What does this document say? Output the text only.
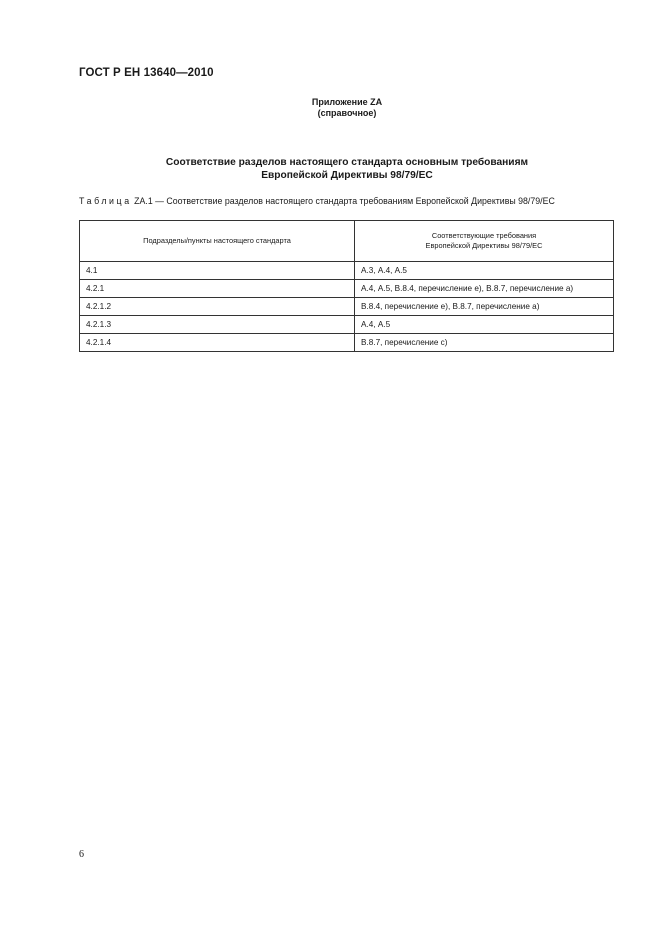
ГОСТ Р ЕН 13640—2010
Приложение ZA
(справочное)
Соответствие разделов настоящего стандарта основным требованиям
Европейской Директивы 98/79/ЕС
Таблица ZA.1 — Соответствие разделов настоящего стандарта требованиям Европейской Директивы 98/79/ЕС
Подразделы/пункты настоящего стандарта	Соответствующие требования
Европейской Директивы 98/79/ЕС

4.1	А.3, А.4, А.5
4.2.1	А.4, А.5, В.8.4, перечисление е), В.8.7, перечисление а)
4.2.1.2	В.8.4, перечисление е), В.8.7, перечисление а)
4.2.1.3	А.4, А.5
4.2.1.4	В.8.7, перечисление с)
6
